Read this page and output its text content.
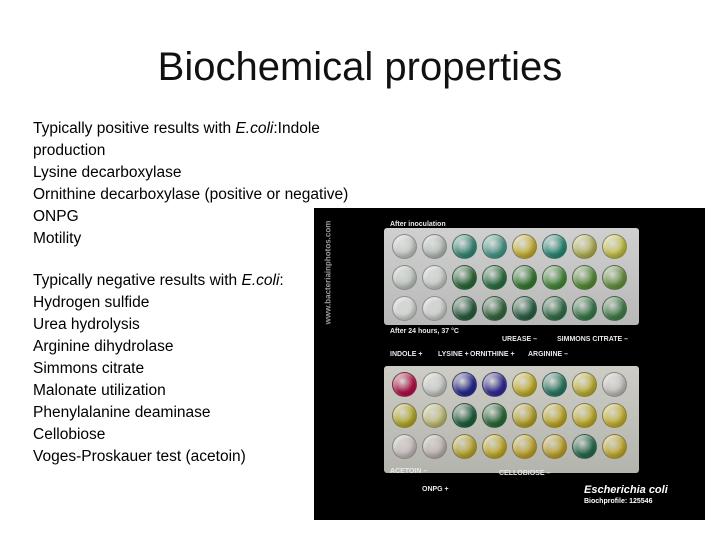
Biochemical properties
Typically positive results with E.coli:Indole
production
Lysine decarboxylase
Ornithine decarboxylase (positive or negative)
ONPG
Motility
Typically negative results with E.coli:
Hydrogen sulfide
Urea hydrolysis
Arginine dihydrolase
Simmons citrate
Malonate utilization
Phenylalanine deaminase
Cellobiose
Voges-Proskauer test (acetoin)
www.bacteriainphotos.com	After inoculation
After 24 hours, 37 °C
UREASE –	SIMMONS CITRATE –
INDOLE + LYSINE + ORNITHINE + ARGININE –
ACETOIN –
ONPG +
CELLOBIOSE –
Escherichia coli
Biochprofile: 125546
